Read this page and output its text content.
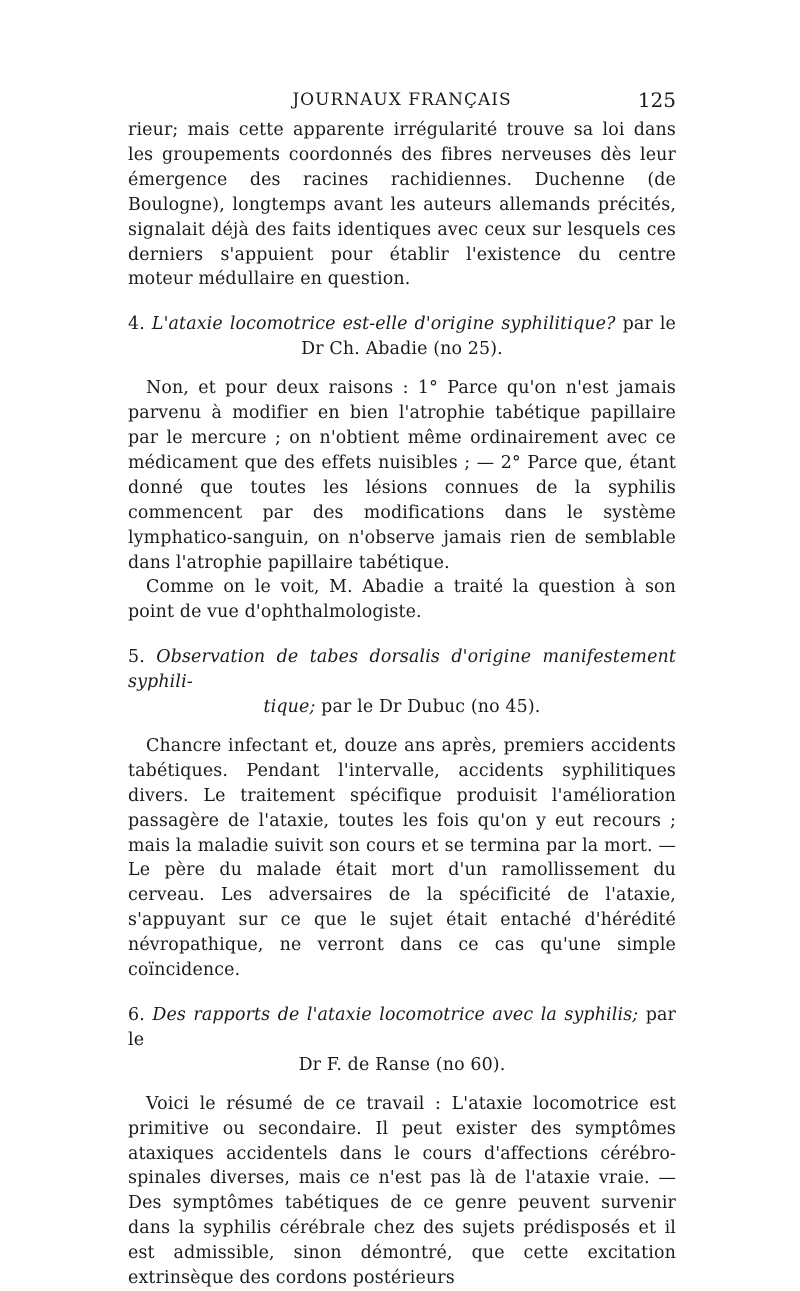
JOURNAUX FRANÇAIS	125

rieur; mais cette apparente irrégularité trouve sa loi dans les groupements coordonnés des fibres nerveuses dès leur émergence des racines rachidiennes. Duchenne (de Boulogne), longtemps avant les auteurs allemands précités, signalait déjà des faits identiques avec ceux sur lesquels ces derniers s'appuient pour établir l'existence du centre moteur médullaire en question.

4. L'ataxie locomotrice est-elle d'origine syphilitique? par le
Dr Ch. Abadie (no 25).

Non, et pour deux raisons : 1° Parce qu'on n'est jamais parvenu à modifier en bien l'atrophie tabétique papillaire par le mercure ; on n'obtient même ordinairement avec ce médicament que des effets nuisibles ; — 2° Parce que, étant donné que toutes les lésions connues de la syphilis commencent par des modifications dans le système lymphatico-sanguin, on n'observe jamais rien de semblable dans l'atrophie papillaire tabétique.

Comme on le voit, M. Abadie a traité la question à son point de vue d'ophthalmologiste.

5. Observation de tabes dorsalis d'origine manifestement syphili-
tique; par le Dr Dubuc (no 45).

Chancre infectant et, douze ans après, premiers accidents tabétiques. Pendant l'intervalle, accidents syphilitiques divers. Le traitement spécifique produisit l'amélioration passagère de l'ataxie, toutes les fois qu'on y eut recours ; mais la maladie suivit son cours et se termina par la mort. — Le père du malade était mort d'un ramollissement du cerveau. Les adversaires de la spécificité de l'ataxie, s'appuyant sur ce que le sujet était entaché d'hérédité névropathique, ne verront dans ce cas qu'une simple coïncidence.

6. Des rapports de l'ataxie locomotrice avec la syphilis; par le
Dr F. de Ranse (no 60).

Voici le résumé de ce travail : L'ataxie locomotrice est primitive ou secondaire. Il peut exister des symptômes ataxiques accidentels dans le cours d'affections cérébro-spinales diverses, mais ce n'est pas là de l'ataxie vraie. — Des symptômes tabétiques de ce genre peuvent survenir dans la syphilis cérébrale chez des sujets prédisposés et il est admissible, sinon démontré, que cette excitation extrinsèque des cordons postérieurs
